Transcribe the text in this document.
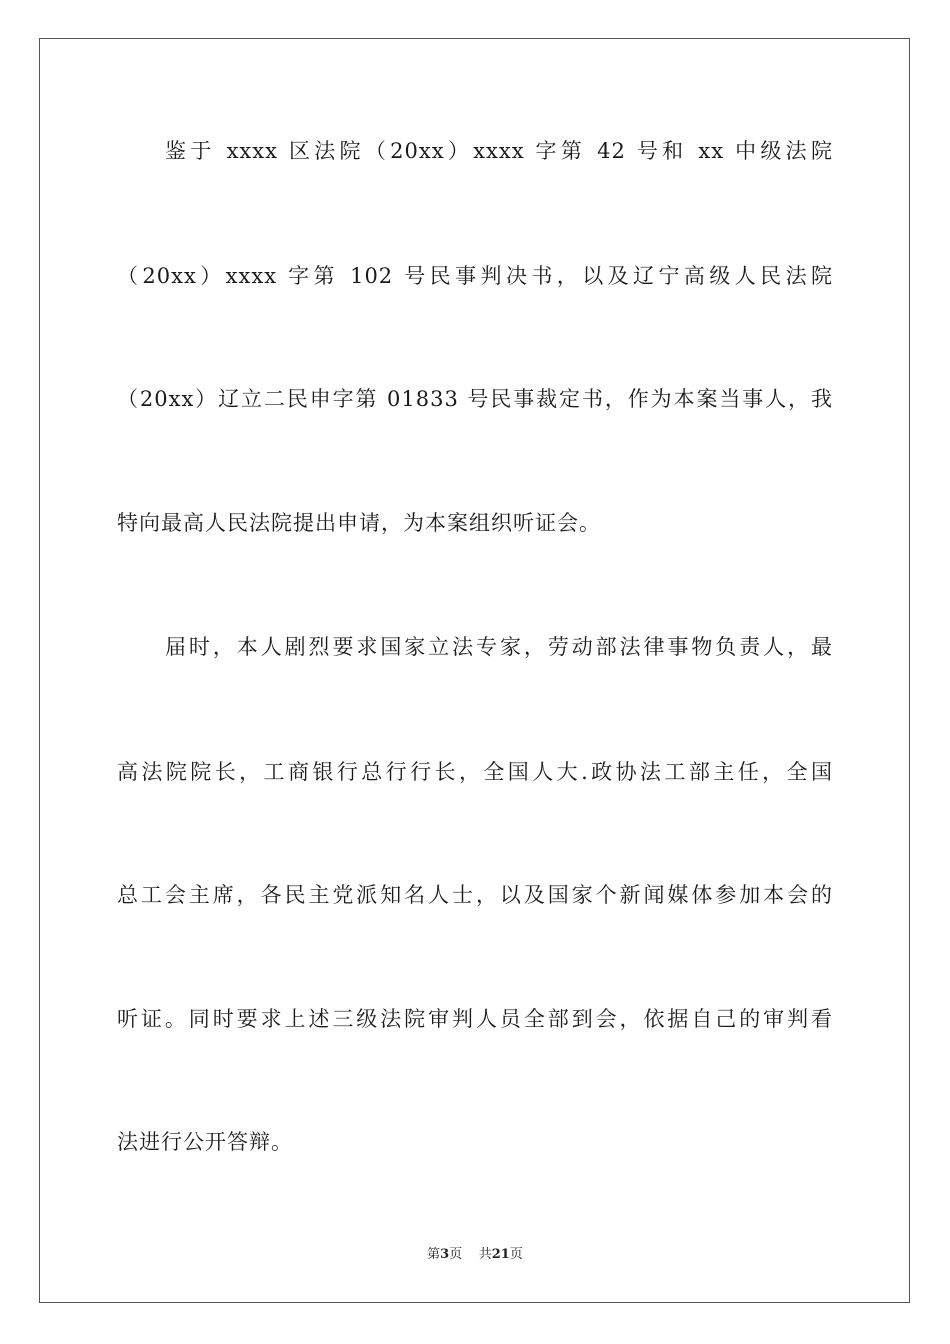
鉴于 xxxx 区法院（20xx）xxxx 字第 42 号和 xx 中级法院
（20xx）xxxx 字第 102 号民事判决书，以及辽宁高级人民法院
（20xx）辽立二民申字第 01833 号民事裁定书，作为本案当事人，我
特向最高人民法院提出申请，为本案组织听证会。
届时，本人剧烈要求国家立法专家，劳动部法律事物负责人，最
高法院院长，工商银行总行行长，全国人大.政协法工部主任，全国
总工会主席，各民主党派知名人士，以及国家个新闻媒体参加本会的
听证。同时要求上述三级法院审判人员全部到会，依据自己的审判看
法进行公开答辩。
第3页 共21页
